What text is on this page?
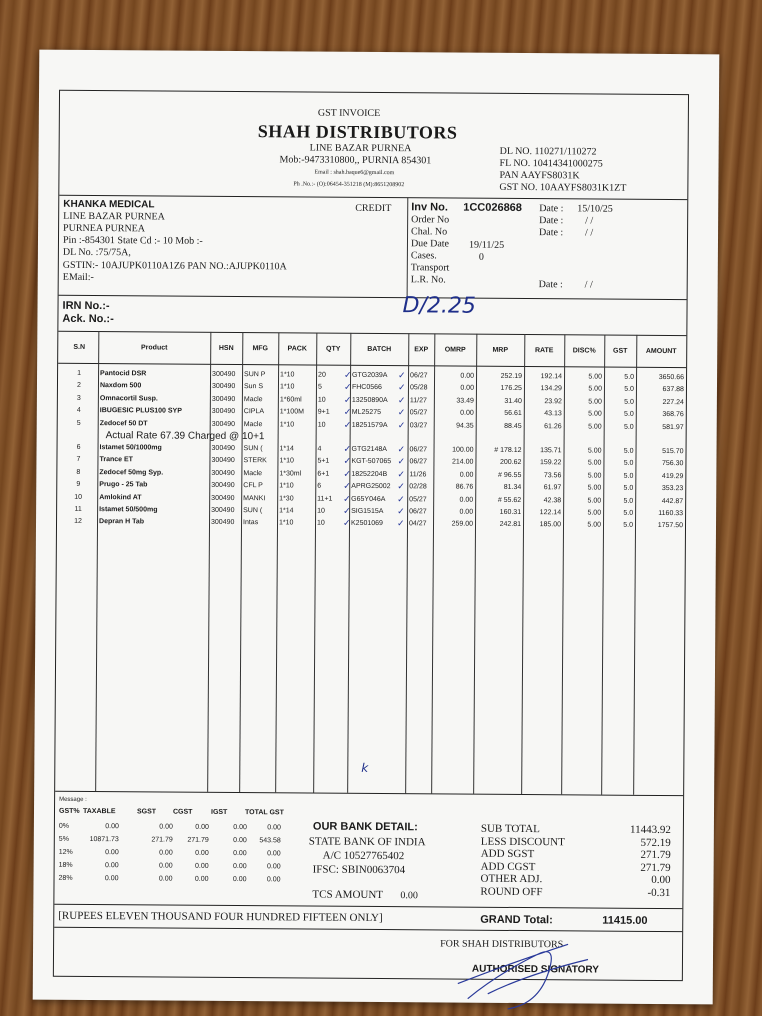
GST INVOICE
SHAH DISTRIBUTORS
LINE BAZAR PURNEA
Mob:-9473310800,, PURNIA 854301
Email : shah.haque6@gmail.com
Ph .No.:- (O):06454-351218 (M):8651208902
DL NO. 110271/110272
FL NO. 10414341000275
PAN AAYFS8031K
GST NO. 10AAYFS8031K1ZT
KHANKA MEDICAL
LINE BAZAR PURNEA
PURNEA PURNEA
Pin :-854301 State Cd :- 10 Mob :-
DL No. :75/75A,
GSTIN:- 10AJUPK0110A1Z6 PAN NO.:AJUPK0110A
EMail:-
CREDIT Inv No. 1CC026868 Date : 15/10/25
Order No	Date : / /
Chal. No	Date : / /
Due Date 19/11/25
Cases.	0
Transport
L.R. No.	Date : / /
IRN No.:-
Ack. No.:-
D/2.25
S.N	Product	HSN	MFG	PACK	QTY	BATCH	EXP	OMRP	MRP	RATE	DISC%	GST	AMOUNT
1	Pantocid DSR	300490	SUN P	1*10	20	GTG2039A	06/27	0.00	252.19	192.14	5.00	5.0	3650.66
✓	✓
2	Naxdom 500	300490	Sun S	1*10	5	FHC0566	05/28	0.00	176.25	134.29	5.00	5.0	637.88
✓	✓
3	Omnacortil Susp.	300490	Macle	1*60ml	10	13250890A	11/27	33.49	31.40	23.92	5.00	5.0	227.24
✓	✓
4	IBUGESIC PLUS100 SYP	300490	CIPLA	1*100M	9+1	ML25275	05/27	0.00	56.61	43.13	5.00	5.0	368.76
✓	✓
5	Zedocef 50 DT	300490	Macle	1*10	10	18251579A	03/27	94.35	88.45	61.26	5.00	5.0	581.97
✓	✓
6	Istamet 50/1000mg	300490	SUN (	1*14	4	GTG2148A	06/27	100.00	# 178.12	135.71	5.00	5.0	515.70
✓	✓
7	Trance ET	300490	STERK	1*10	5+1	KGT-507065	06/27	214.00	200.62	159.22	5.00	5.0	756.30
✓	✓
8	Zedocef 50mg Syp.	300490	Macle	1*30ml	6+1	18252204B	11/26	0.00	# 96.55	73.56	5.00	5.0	419.29
✓	✓
9	Prugo - 25 Tab	300490	CFL P	1*10	6	APRG25002	02/28	86.76	81.34	61.97	5.00	5.0	353.23
✓	✓
10	Amlokind AT	300490	MANKI	1*30	11+1	G65Y046A	05/27	0.00	# 55.62	42.38	5.00	5.0	442.87
✓	✓
11	Istamet 50/500mg	300490	SUN (	1*14	10	SIG1515A	06/27	0.00	160.31	122.14	5.00	5.0	1160.33
✓	✓
12	Depran H Tab	300490	Intas	1*10	10	K2501069	04/27	259.00	242.81	185.00	5.00	5.0	1757.50
✓	✓
Actual Rate 67.39 Charged @ 10+1
k
Message :
GST% TAXABLE	SGST	CGST	IGST	TOTAL GST
0%	0.00	0.00	0.00	0.00	0.00
5%	10871.73	271.79	271.79	0.00	543.58
12%	0.00	0.00	0.00	0.00	0.00
18%	0.00	0.00	0.00	0.00	0.00
28%	0.00	0.00	0.00	0.00	0.00
OUR BANK DETAIL:
STATE BANK OF INDIA
A/C 10527765402
IFSC: SBIN0063704
TCS AMOUNT 0.00
SUB TOTAL	11443.92
LESS DISCOUNT	572.19
ADD SGST	271.79
ADD CGST	271.79
OTHER ADJ.	0.00
ROUND OFF	-0.31
[RUPEES ELEVEN THOUSAND FOUR HUNDRED FIFTEEN ONLY]	GRAND Total:	11415.00
FOR SHAH DISTRIBUTORS
AUTHORISED SIGNATORY
